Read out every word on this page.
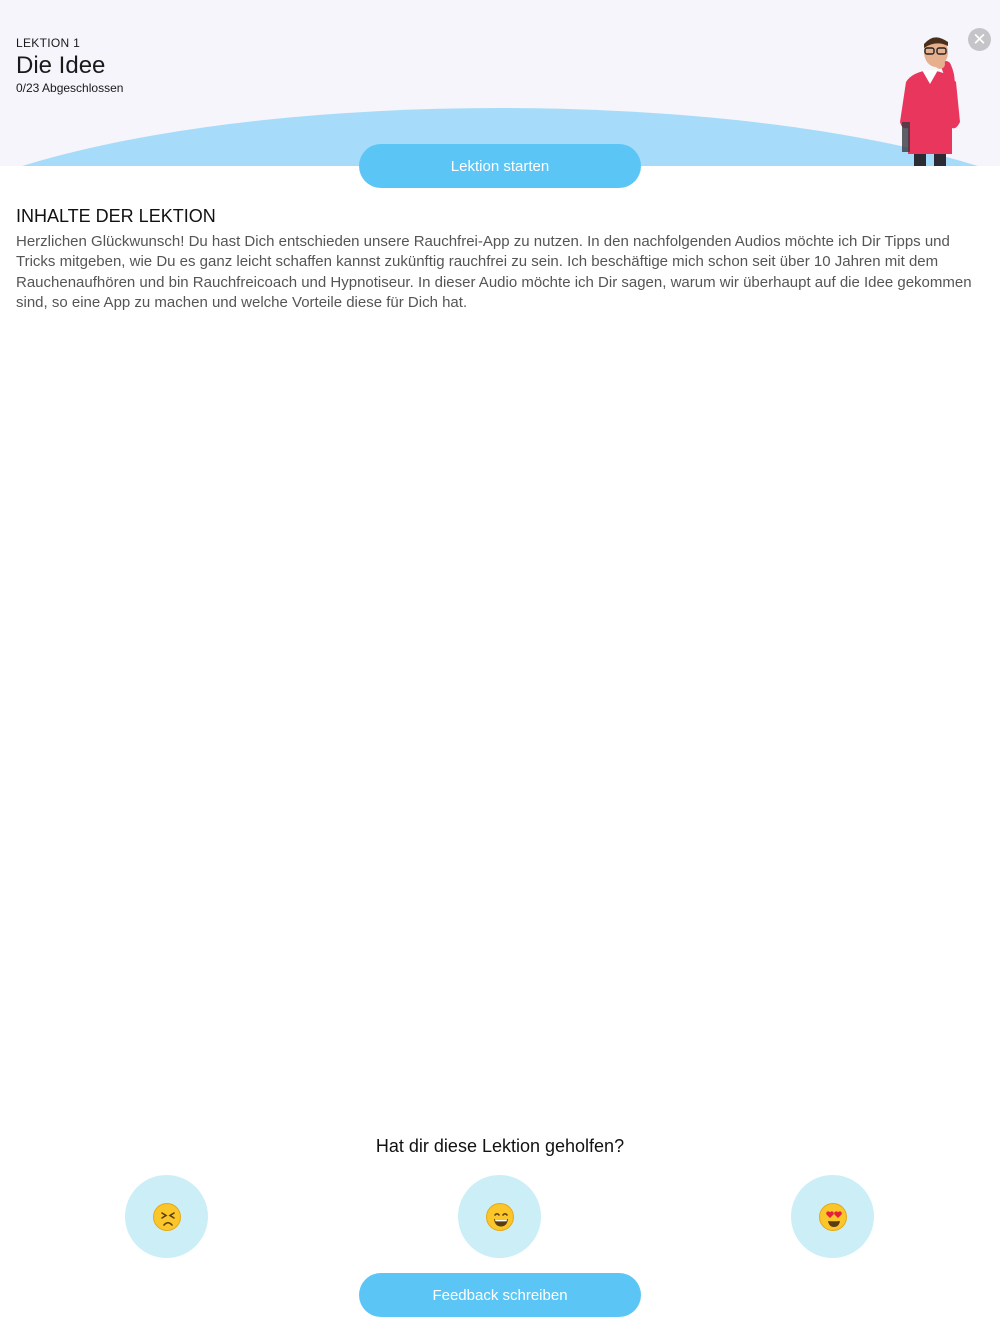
LEKTION 1
Die Idee
0/23 Abgeschlossen
✕
Lektion starten
INHALTE DER LEKTION
Herzlichen Glückwunsch! Du hast Dich entschieden unsere Rauchfrei-App zu nutzen. In den nachfolgenden Audios möchte ich Dir Tipps und Tricks mitgeben, wie Du es ganz leicht schaffen kannst zukünftig rauchfrei zu sein. Ich beschäftige mich schon seit über 10 Jahren mit dem Rauchenaufhören und bin Rauchfreicoach und Hypnotiseur. In dieser Audio möchte ich Dir sagen, warum wir überhaupt auf die Idee gekommen sind, so eine App zu machen und welche Vorteile diese für Dich hat.
Hat dir diese Lektion geholfen?
Feedback schreiben
